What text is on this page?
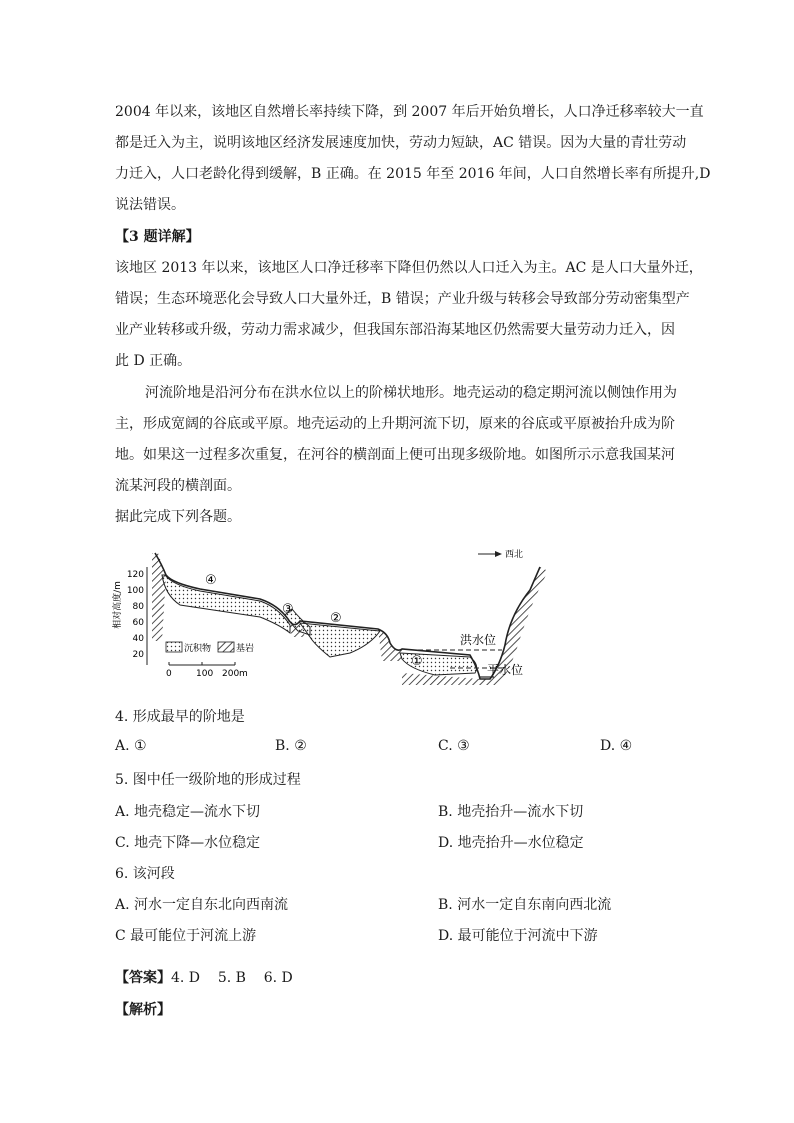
2004 年以来，该地区自然增长率持续下降，到 2007 年后开始负增长，人口净迁移率较大一直
都是迁入为主，说明该地区经济发展速度加快，劳动力短缺，AC 错误。因为大量的青壮劳动
力迁入，人口老龄化得到缓解，B 正确。在 2015 年至 2016 年间，人口自然增长率有所提升,D
说法错误。
【3 题详解】
该地区 2013 年以来，该地区人口净迁移率下降但仍然以人口迁入为主。AC 是人口大量外迁，
错误；生态环境恶化会导致人口大量外迁，B 错误；产业升级与转移会导致部分劳动密集型产
业产业转移或升级，劳动力需求减少，但我国东部沿海某地区仍然需要大量劳动力迁入，因
此 D 正确。
河流阶地是沿河分布在洪水位以上的阶梯状地形。地壳运动的稳定期河流以侧蚀作用为
主，形成宽阔的谷底或平原。地壳运动的上升期河流下切，原来的谷底或平原被抬升成为阶
地。如果这一过程多次重复，在河谷的横剖面上便可出现多级阶地。如图所示示意我国某河
流某河段的横剖面。
据此完成下列各题。
相对高度/m
120
100
80
60
40
20
洪水位
平水位
④
③
②
①
西北
沉积物	基岩
0	100 200 m
4. 形成最早的阶地是
A. ①	B. ②	C. ③	D. ④
5. 图中任一级阶地的形成过程
A. 地壳稳定—流水下切	B. 地壳抬升—流水下切
C. 地壳下降—水位稳定	D. 地壳抬升—水位稳定
6. 该河段
A. 河水一定自东北向西南流	B. 河水一定自东南向西北流
C 最可能位于河流上游	D. 最可能位于河流中下游
【答案】4. D    5. B    6. D
【解析】
